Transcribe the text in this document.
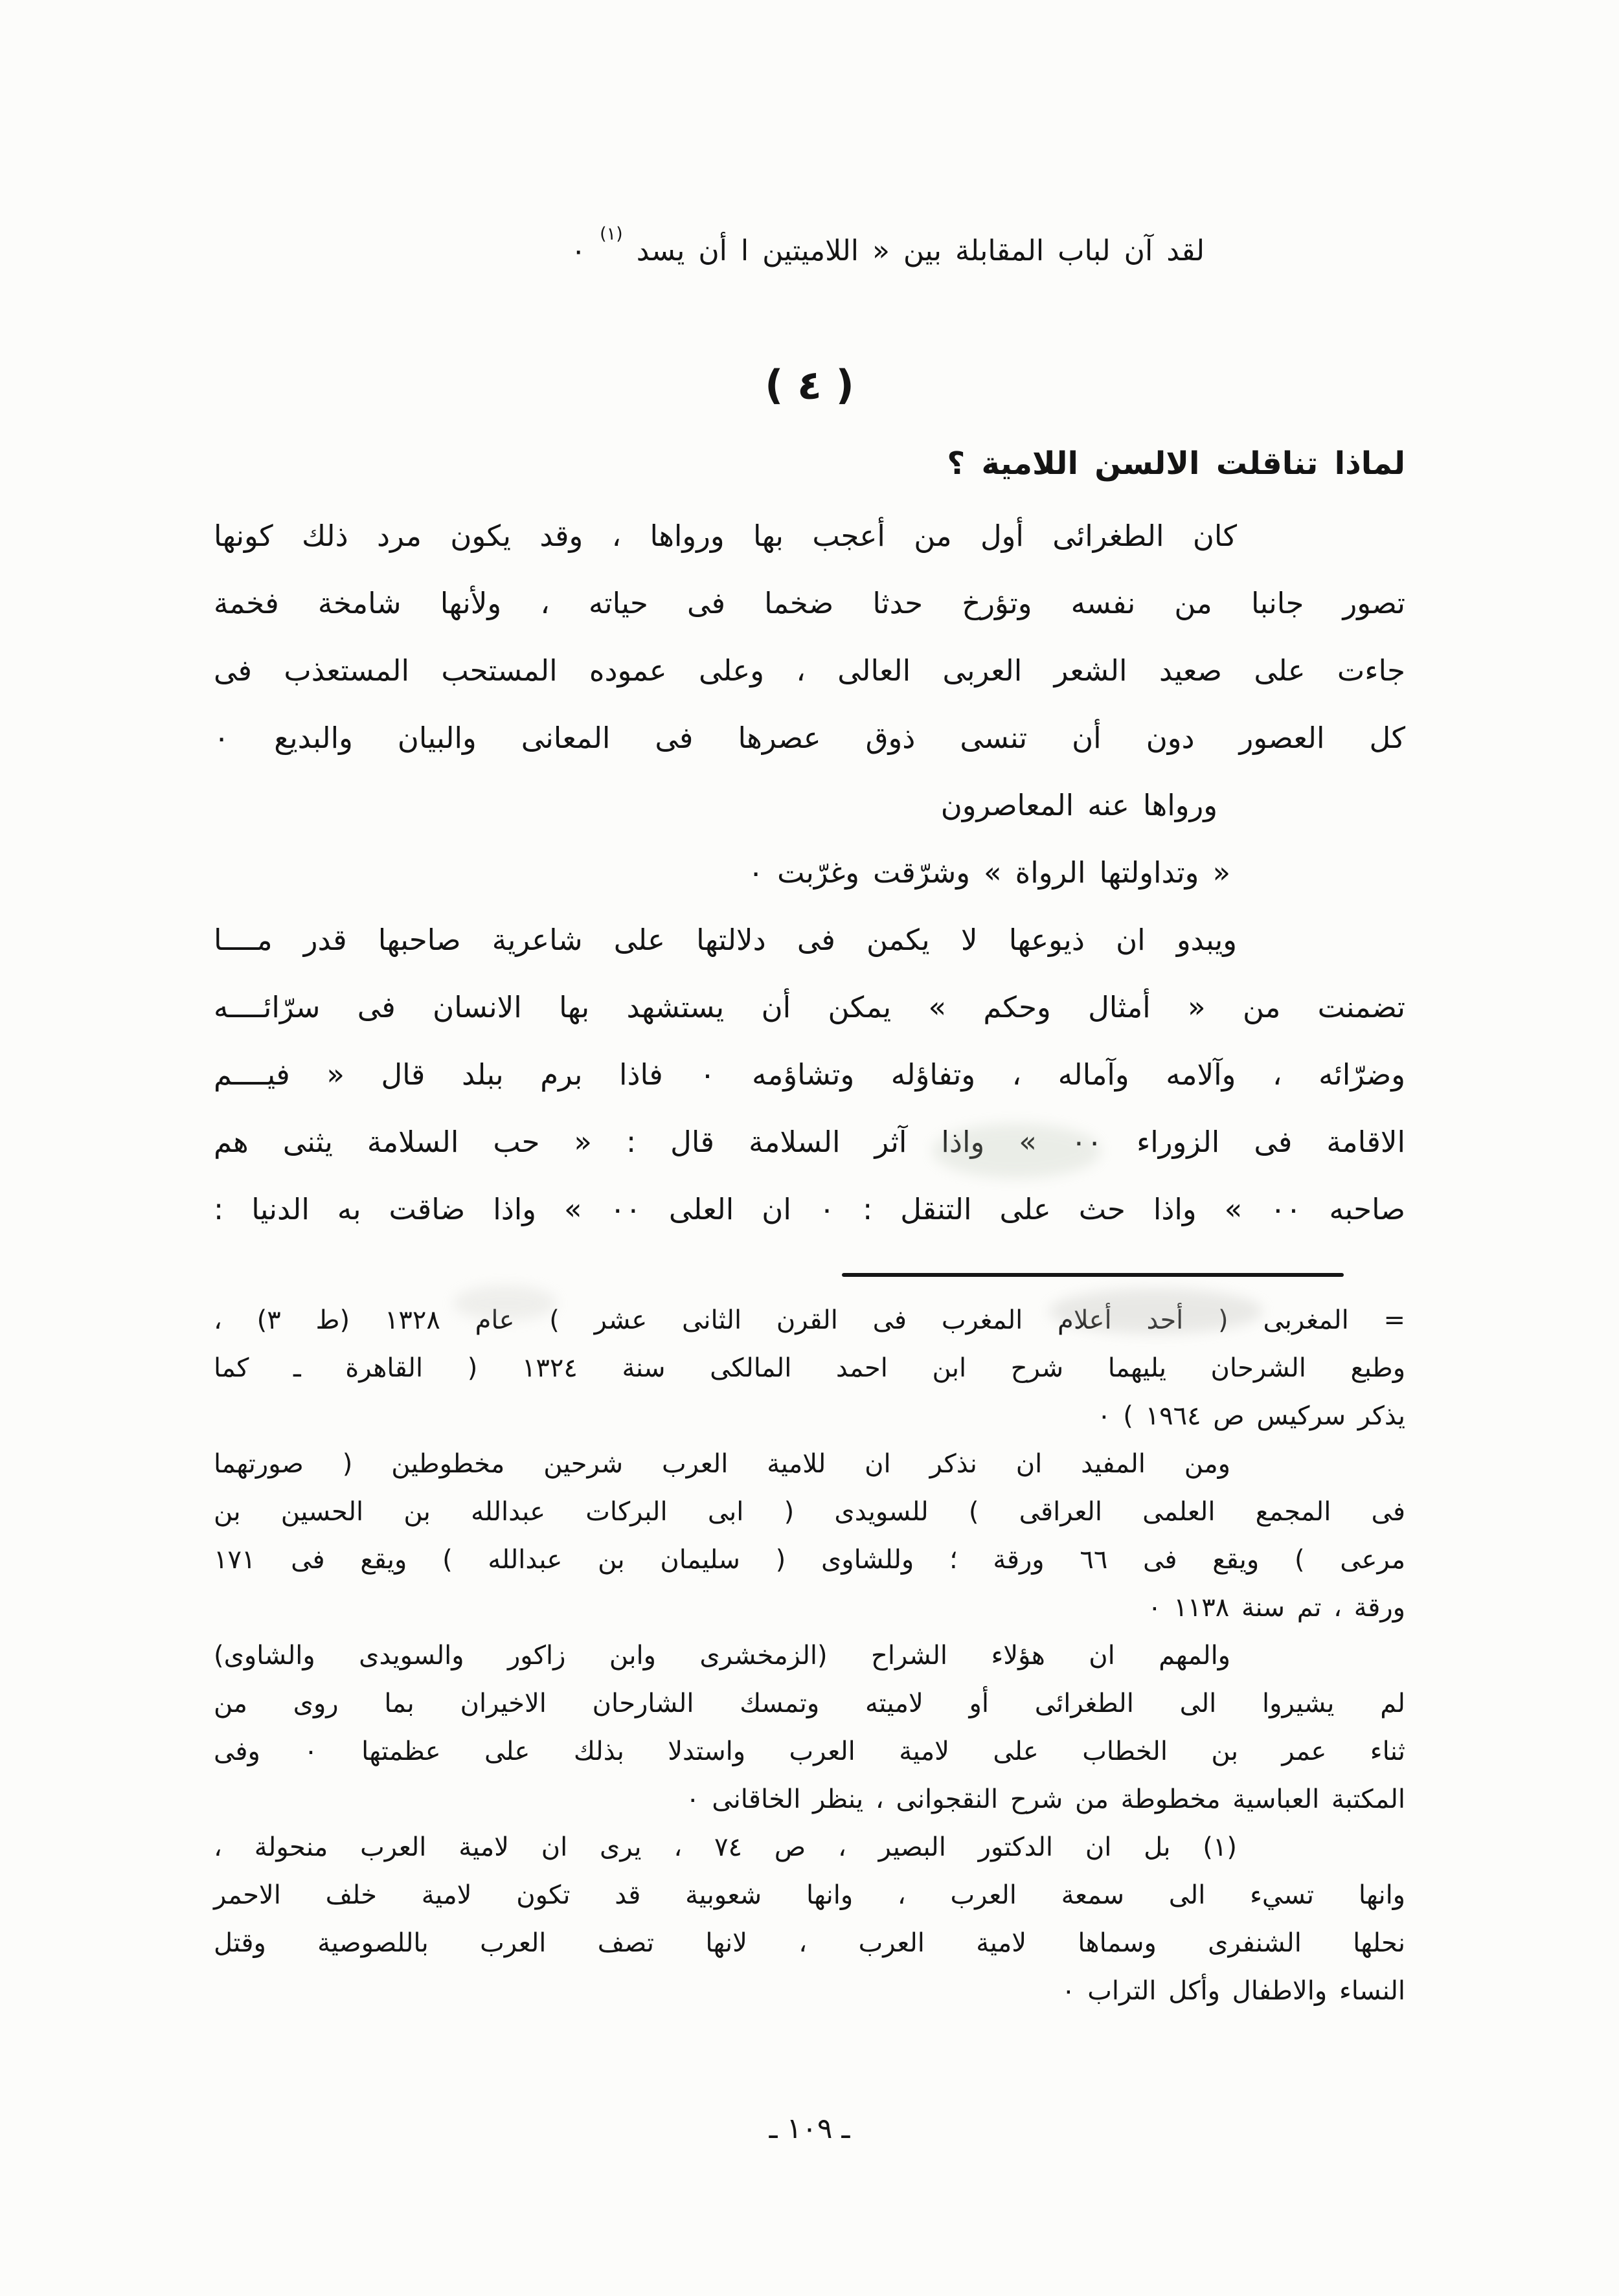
لقد آن لباب المقابلة بين « اللاميتين ا أن يسد $^{(١)}$ ٠
( ٤ )
لماذا تناقلت الالسن اللامية ؟
كان الطغرائى أول من أعجب بها ورواها ، وقد يكون مرد ذلك كونها
تصور جانبا من نفسه وتؤرخ حدثا ضخما فى حياته ، ولأنها شامخة فخمة
جاءت على صعيد الشعر العربى العالى ، وعلى عموده المستحب المستعذب فى
كل العصور دون أن تنسى ذوق عصرها فى المعانى والبيان والبديع ٠
ورواها عنه المعاصرون
« وتداولتها الرواة » وشرّقت وغرّبت ٠
ويبدو ان ذيوعها لا يكمن فى دلالتها على شاعرية صاحبها قدر مــــا
تضمنت من « أمثال وحكم » يمكن أن يستشهد بها الانسان فى سرّائــــه
وضرّائه ، وآلامه وآماله ، وتفاؤله وتشاؤمه ٠ فاذا برم ببلد قال « فيــــم
الاقامة فى الزوراء ٠٠ » واذا آثر السلامة قال : « حب السلامة يثنى هم
صاحبه ٠٠ » واذا حث على التنقل : ٠ ان العلى ٠٠ » واذا ضاقت به الدنيا :
= المغربى ( أحد أعلام المغرب فى القرن الثانى عشر ) عام ١٣٢٨ (ط ٣) ،
وطبع الشرحان يليهما شرح ابن احمد المالكى سنة ١٣٢٤ ( القاهرة ـ كما
يذكر سركيس ص ١٩٦٤ ) ٠
ومن المفيد ان نذكر ان للامية العرب شرحين مخطوطين ( صورتهما
فى المجمع العلمى العراقى ) للسويدى ( ابى البركات عبدالله بن الحسين بن
مرعى ) ويقع فى ٦٦ ورقة ؛ وللشاوى ( سليمان بن عبدالله ) ويقع فى ١٧١
ورقة ، تم سنة ١١٣٨ ٠
والمهم ان هؤلاء الشراح (الزمخشرى وابن زاكور والسويدى والشاوى)
لم يشيروا الى الطغرائى أو لاميته وتمسك الشارحان الاخيران بما روى من
ثناء عمر بن الخطاب على لامية العرب واستدلا بذلك على عظمتها ٠ وفى
المكتبة العباسية مخطوطة من شرح النقجوانى ، ينظر الخاقانى ٠
(١) بل ان الدكتور البصير ، ص ٧٤ ، يرى ان لامية العرب منحولة ،
وانها تسيء الى سمعة العرب ، وانها شعوبية قد تكون لامية خلف الاحمر
نحلها الشنفرى وسماها لامية العرب ، لانها تصف العرب باللصوصية وقتل
النساء والاطفال وأكل التراب ٠
ـ ١٠٩ ـ
